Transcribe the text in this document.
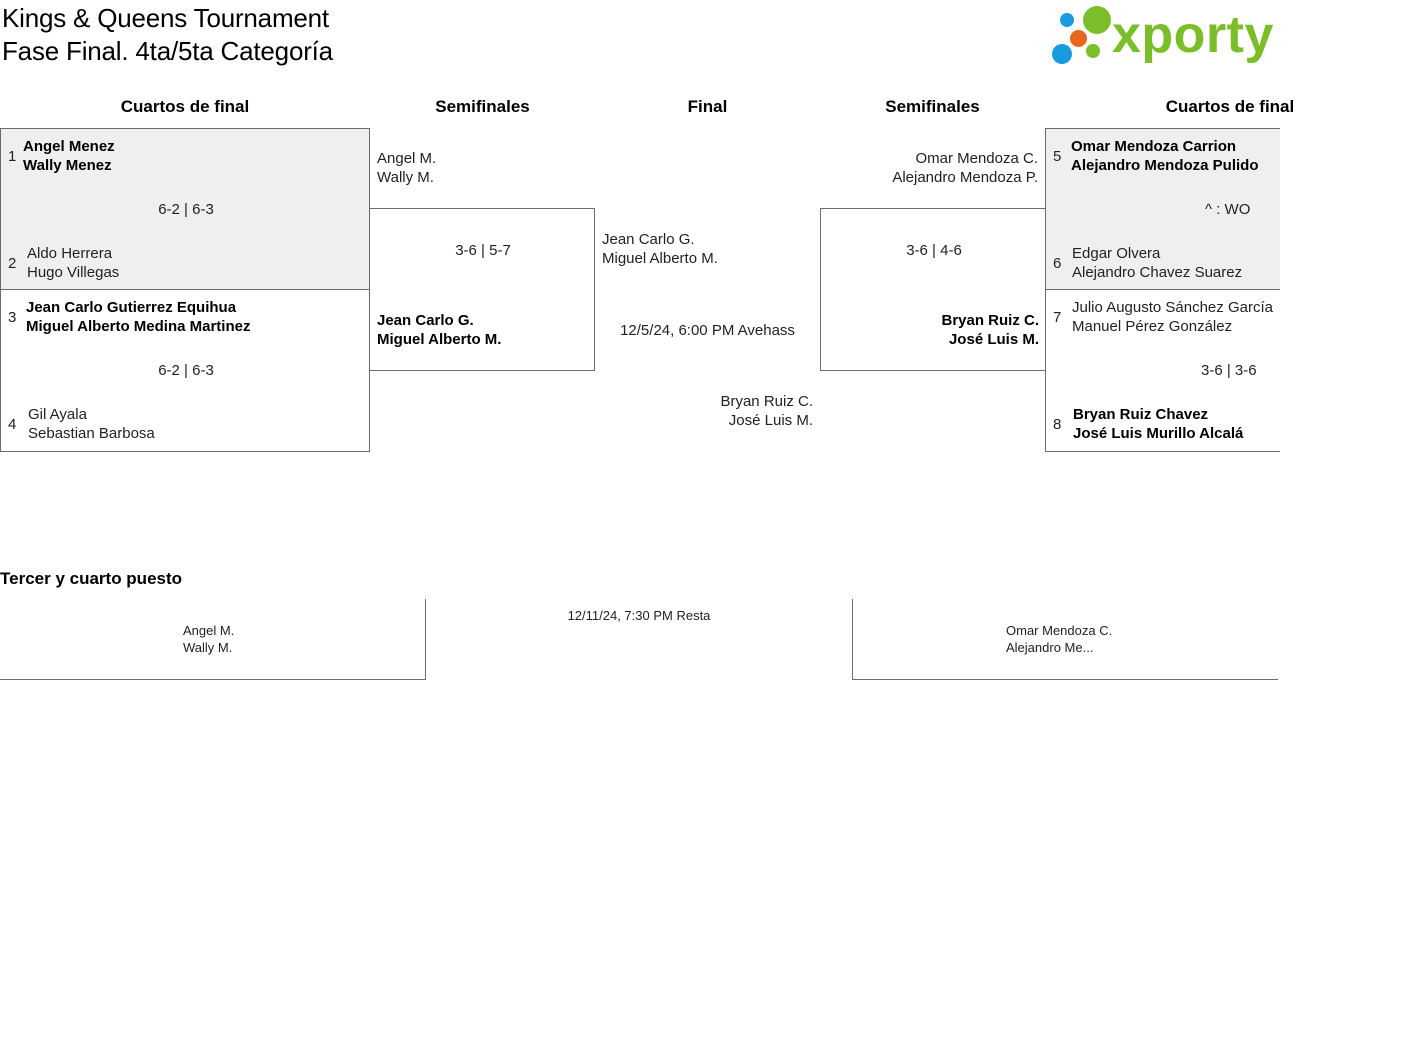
Kings & Queens Tournament
Fase Final. 4ta/5ta Categoría	xporty
Cuartos de final	Semifinales	Final	Semifinales	Cuartos de final
1
Angel Menez
Wally Menez
6-2 | 6-3
2
Aldo Herrera
Hugo Villegas
3
Jean Carlo Gutierrez Equihua
Miguel Alberto Medina Martinez
6-2 | 6-3
4
Gil Ayala
Sebastian Barbosa
Angel M.
Wally M.
3-6 | 5-7
Jean Carlo G.
Miguel Alberto M.
Jean Carlo G.
Miguel Alberto M.
12/5/24, 6:00 PM Avehass
Bryan Ruiz C.
José Luis M.
Omar Mendoza C.
Alejandro Mendoza P.
3-6 | 4-6
Bryan Ruiz C.
José Luis M.
5
Omar Mendoza Carrion
Alejandro Mendoza Pulido
^ : WO
6
Edgar Olvera
Alejandro Chavez Suarez
7
Julio Augusto Sánchez García
Manuel Pérez González
3-6 | 3-6
8
Bryan Ruiz Chavez
José Luis Murillo Alcalá
Tercer y cuarto puesto
Angel M.
Wally M.
12/11/24, 7:30 PM Resta
Omar Mendoza C.
Alejandro Me...
